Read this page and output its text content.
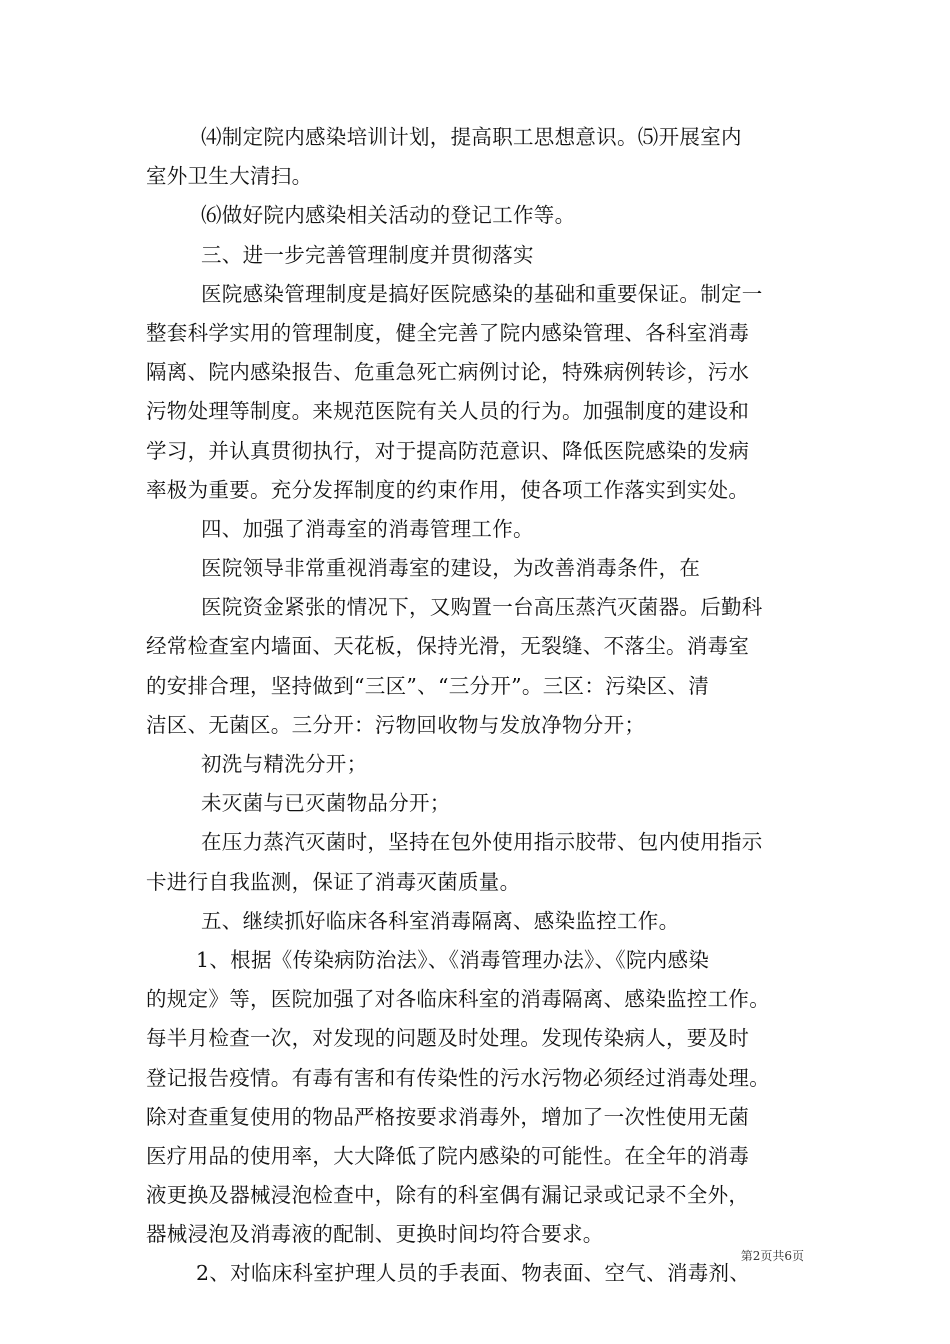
⑷制定院内感染培训计划，提高职工思想意识。⑸开展室内
室外卫生大清扫。
⑹做好院内感染相关活动的登记工作等。
三、进一步完善管理制度并贯彻落实
医院感染管理制度是搞好医院感染的基础和重要保证。制定一
整套科学实用的管理制度，健全完善了院内感染管理、各科室消毒
隔离、院内感染报告、危重急死亡病例讨论，特殊病例转诊，污水
污物处理等制度。来规范医院有关人员的行为。加强制度的建设和
学习，并认真贯彻执行，对于提高防范意识、降低医院感染的发病
率极为重要。充分发挥制度的约束作用，使各项工作落实到实处。
四、加强了消毒室的消毒管理工作。
医院领导非常重视消毒室的建设，为改善消毒条件，在
医院资金紧张的情况下，又购置一台高压蒸汽灭菌器。后勤科
经常检查室内墙面、天花板，保持光滑，无裂缝、不落尘。消毒室
的安排合理，坚持做到“三区”、“三分开”。三区：污染区、清
洁区、无菌区。三分开：污物回收物与发放净物分开；
初洗与精洗分开；
未灭菌与已灭菌物品分开；
在压力蒸汽灭菌时，坚持在包外使用指示胶带、包内使用指示
卡进行自我监测，保证了消毒灭菌质量。
五、继续抓好临床各科室消毒隔离、感染监控工作。
1、根据《传染病防治法》、《消毒管理办法》、《院内感染
的规定》等，医院加强了对各临床科室的消毒隔离、感染监控工作。
每半月检查一次，对发现的问题及时处理。发现传染病人，要及时
登记报告疫情。有毒有害和有传染性的污水污物必须经过消毒处理。
除对查重复使用的物品严格按要求消毒外，增加了一次性使用无菌
医疗用品的使用率，大大降低了院内感染的可能性。在全年的消毒
液更换及器械浸泡检查中，除有的科室偶有漏记录或记录不全外，
器械浸泡及消毒液的配制、更换时间均符合要求。
2、对临床科室护理人员的手表面、物表面、空气、消毒剂、
第2页共6页
